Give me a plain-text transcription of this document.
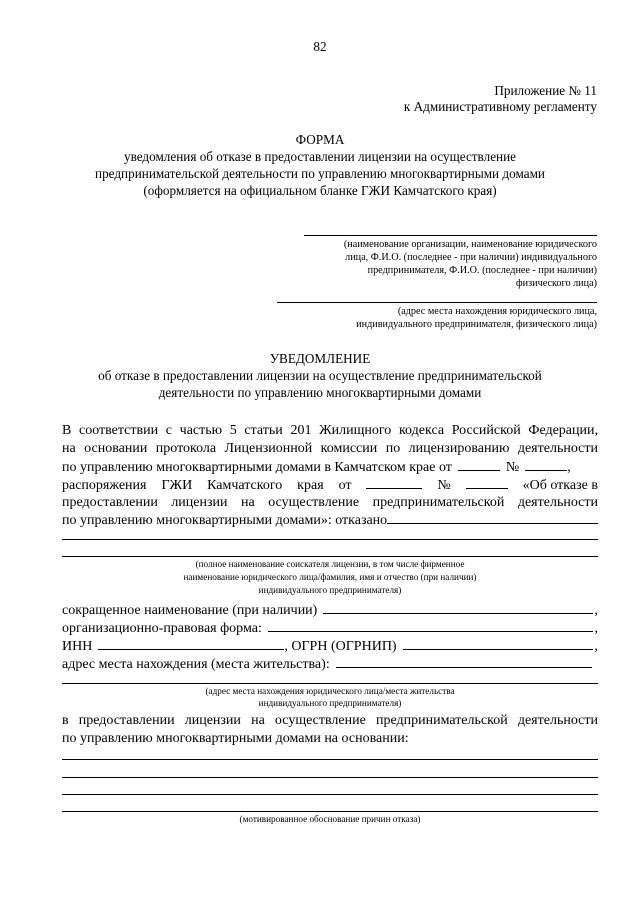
82
Приложение № 11
к Административному регламенту
ФОРМА
уведомления об отказе в предоставлении лицензии на осуществление
предпринимательской деятельности по управлению многоквартирными домами
(оформляется на официальном бланке ГЖИ Камчатского края)
(наименование организации, наименование юридического
лица, Ф.И.О. (последнее - при наличии) индивидуального
предпринимателя, Ф.И.О. (последнее - при наличии)
физического лица)
(адрес места нахождения юридического лица,
индивидуального предпринимателя, физического лица)
УВЕДОМЛЕНИЕ
об отказе в предоставлении лицензии на осуществление предпринимательской
деятельности по управлению многоквартирными домами
В соответствии с частью 5 статьи 201 Жилищного кодекса Российской Федерации,
на основании протокола Лицензионной комиссии по лицензированию деятельности
по управлению многоквартирными домами в Камчатском крае от	№	,
распоряжения ГЖИ Камчатского края от	№	«Об отказе в
предоставлении лицензии на осуществление предпринимательской деятельности
по управлению многоквартирными домами»: отказано
(полное наименование соискателя лицензии, в том числе фирменное
наименование юридического лица/фамилия, имя и отчество (при наличии)
индивидуального предпринимателя)
сокращенное наименование (при наличии)	,
организационно-правовая форма:	,
ИНН	, ОГРН (ОГРНИП)	,
адрес места нахождения (места жительства):
(адрес места нахождения юридического лица/места жительства
индивидуального предпринимателя)
в предоставлении лицензии на осуществление предпринимательской деятельности
по управлению многоквартирными домами на основании:
(мотивированное обоснование причин отказа)
